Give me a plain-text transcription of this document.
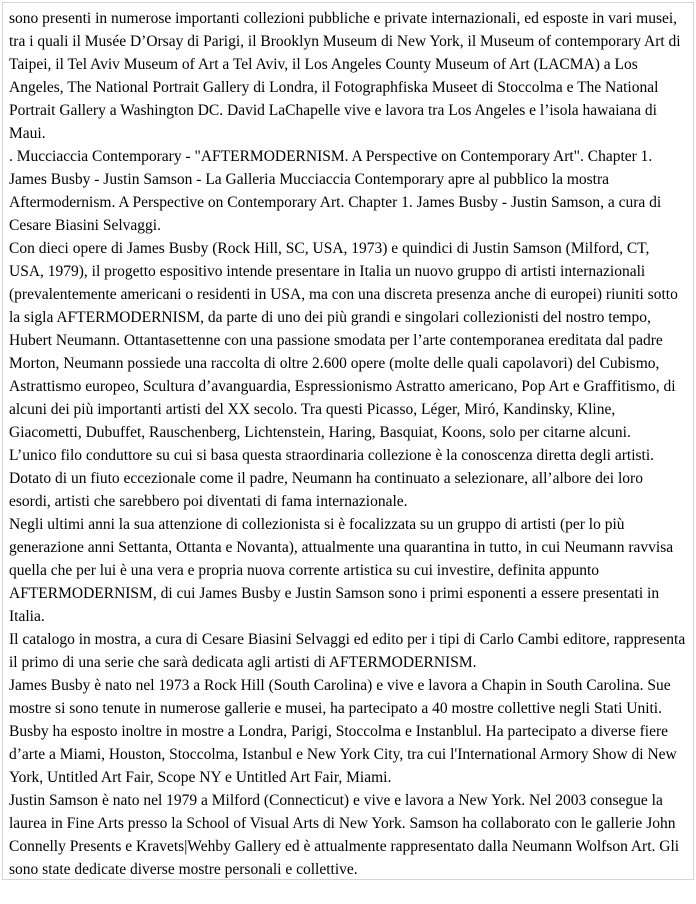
sono presenti in numerose importanti collezioni pubbliche e private internazionali, ed esposte in vari musei, tra i quali il Musée D’Orsay di Parigi, il Brooklyn Museum di New York, il Museum of contemporary Art di Taipei, il Tel Aviv Museum of Art a Tel Aviv, il Los Angeles County Museum of Art (LACMA) a Los Angeles, The National Portrait Gallery di Londra, il Fotographfiska Museet di Stoccolma e The National Portrait Gallery a Washington DC. David LaChapelle vive e lavora tra Los Angeles e l’isola hawaiana di Maui.

. Mucciaccia Contemporary - "AFTERMODERNISM. A Perspective on Contemporary Art". Chapter 1. James Busby - Justin Samson - La Galleria Mucciaccia Contemporary apre al pubblico la mostra Aftermodernism. A Perspective on Contemporary Art. Chapter 1. James Busby - Justin Samson, a cura di Cesare Biasini Selvaggi.

Con dieci opere di James Busby (Rock Hill, SC, USA, 1973) e quindici di Justin Samson (Milford, CT, USA, 1979), il progetto espositivo intende presentare in Italia un nuovo gruppo di artisti internazionali (prevalentemente americani o residenti in USA, ma con una discreta presenza anche di europei) riuniti sotto la sigla AFTERMODERNISM, da parte di uno dei più grandi e singolari collezionisti del nostro tempo, Hubert Neumann. Ottantasettenne con una passione smodata per l’arte contemporanea ereditata dal padre Morton, Neumann possiede una raccolta di oltre 2.600 opere (molte delle quali capolavori) del Cubismo, Astrattismo europeo, Scultura d’avanguardia, Espressionismo Astratto americano, Pop Art e Graffitismo, di alcuni dei più importanti artisti del XX secolo. Tra questi Picasso, Léger, Miró, Kandinsky, Kline, Giacometti, Dubuffet, Rauschenberg, Lichtenstein, Haring, Basquiat, Koons, solo per citarne alcuni.

L’unico filo conduttore su cui si basa questa straordinaria collezione è la conoscenza diretta degli artisti. Dotato di un fiuto eccezionale come il padre, Neumann ha continuato a selezionare, all’albore dei loro esordi, artisti che sarebbero poi diventati di fama internazionale.

Negli ultimi anni la sua attenzione di collezionista si è focalizzata su un gruppo di artisti (per lo più generazione anni Settanta, Ottanta e Novanta), attualmente una quarantina in tutto, in cui Neumann ravvisa quella che per lui è una vera e propria nuova corrente artistica su cui investire, definita appunto AFTERMODERNISM, di cui James Busby e Justin Samson sono i primi esponenti a essere presentati in Italia.

Il catalogo in mostra, a cura di Cesare Biasini Selvaggi ed edito per i tipi di Carlo Cambi editore, rappresenta il primo di una serie che sarà dedicata agli artisti di AFTERMODERNISM.

James Busby è nato nel 1973 a Rock Hill (South Carolina) e vive e lavora a Chapin in South Carolina. Sue mostre si sono tenute in numerose gallerie e musei, ha partecipato a 40 mostre collettive negli Stati Uniti. Busby ha esposto inoltre in mostre a Londra, Parigi, Stoccolma e Instanblul. Ha partecipato a diverse fiere d’arte a Miami, Houston, Stoccolma, Istanbul e New York City, tra cui l'International Armory Show di New York, Untitled Art Fair, Scope NY e Untitled Art Fair, Miami.

Justin Samson è nato nel 1979 a Milford (Connecticut) e vive e lavora a New York. Nel 2003 consegue la laurea in Fine Arts presso la School of Visual Arts di New York. Samson ha collaborato con le gallerie John Connelly Presents e Kravets|Wehby Gallery ed è attualmente rappresentato dalla Neumann Wolfson Art. Gli sono state dedicate diverse mostre personali e collettive.
